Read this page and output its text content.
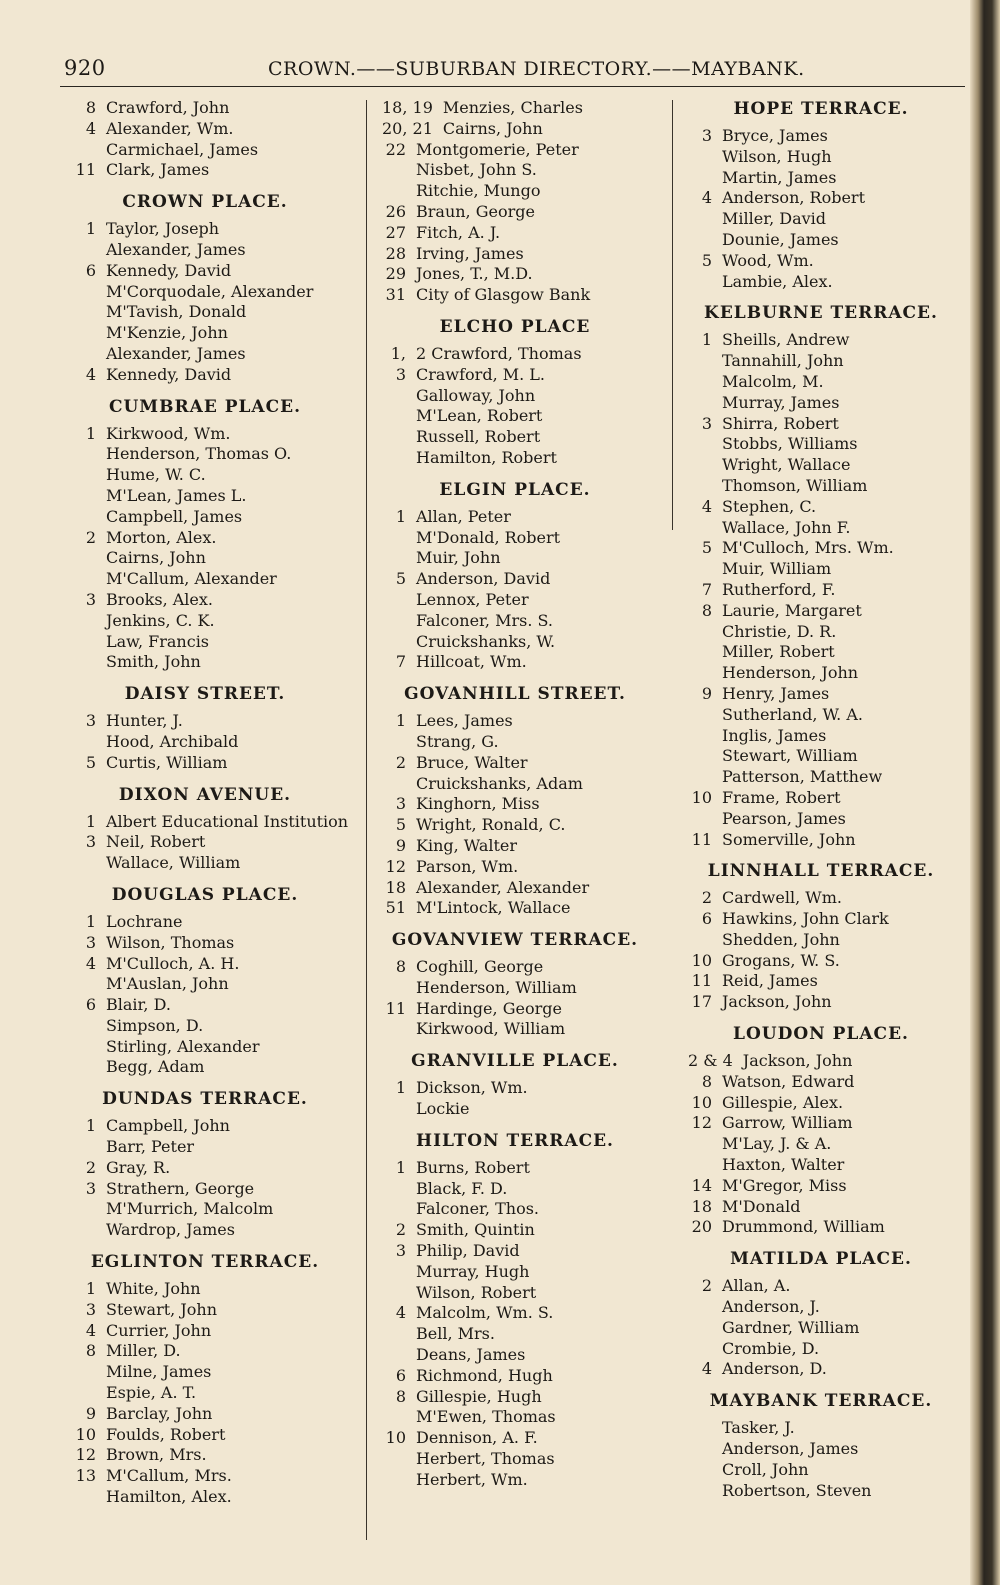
920	CROWN.——SUBURBAN DIRECTORY.——MAYBANK.
8 Crawford, John
4 Alexander, Wm.
Carmichael, James
11 Clark, James
CROWN PLACE.
1 Taylor, Joseph
Alexander, James
6 Kennedy, David
M'Corquodale, Alexander
M'Tavish, Donald
M'Kenzie, John
Alexander, James
4 Kennedy, David
CUMBRAE PLACE.
1 Kirkwood, Wm.
Henderson, Thomas O.
Hume, W. C.
M'Lean, James L.
Campbell, James
2 Morton, Alex.
Cairns, John
M'Callum, Alexander
3 Brooks, Alex.
Jenkins, C. K.
Law, Francis
Smith, John
DAISY STREET.
3 Hunter, J.
Hood, Archibald
5 Curtis, William
DIXON AVENUE.
1 Albert Educational Institution
3 Neil, Robert
Wallace, William
DOUGLAS PLACE.
1 Lochrane
3 Wilson, Thomas
4 M'Culloch, A. H.
M'Auslan, John
6 Blair, D.
Simpson, D.
Stirling, Alexander
Begg, Adam
DUNDAS TERRACE.
1 Campbell, John
Barr, Peter
2 Gray, R.
3 Strathern, George
M'Murrich, Malcolm
Wardrop, James
EGLINTON TERRACE.
1 White, John
3 Stewart, John
4 Currier, John
8 Miller, D.
Milne, James
Espie, A. T.
9 Barclay, John
10 Foulds, Robert
12 Brown, Mrs.
13 M'Callum, Mrs.
Hamilton, Alex.
18, 19 Menzies, Charles
20, 21 Cairns, John
22 Montgomerie, Peter
Nisbet, John S.
Ritchie, Mungo
26 Braun, George
27 Fitch, A. J.
28 Irving, James
29 Jones, T., M.D.
31 City of Glasgow Bank
ELCHO PLACE
1, 2 Crawford, Thomas
3 Crawford, M. L.
Galloway, John
M'Lean, Robert
Russell, Robert
Hamilton, Robert
ELGIN PLACE.
1 Allan, Peter
M'Donald, Robert
Muir, John
5 Anderson, David
Lennox, Peter
Falconer, Mrs. S.
Cruickshanks, W.
7 Hillcoat, Wm.
GOVANHILL STREET.
1 Lees, James
Strang, G.
2 Bruce, Walter
Cruickshanks, Adam
3 Kinghorn, Miss
5 Wright, Ronald, C.
9 King, Walter
12 Parson, Wm.
18 Alexander, Alexander
51 M'Lintock, Wallace
GOVANVIEW TERRACE.
8 Coghill, George
Henderson, William
11 Hardinge, George
Kirkwood, William
GRANVILLE PLACE.
1 Dickson, Wm.
Lockie
HILTON TERRACE.
1 Burns, Robert
Black, F. D.
Falconer, Thos.
2 Smith, Quintin
3 Philip, David
Murray, Hugh
Wilson, Robert
4 Malcolm, Wm. S.
Bell, Mrs.
Deans, James
6 Richmond, Hugh
8 Gillespie, Hugh
M'Ewen, Thomas
10 Dennison, A. F.
Herbert, Thomas
Herbert, Wm.
HOPE TERRACE.
3 Bryce, James
Wilson, Hugh
Martin, James
4 Anderson, Robert
Miller, David
Dounie, James
5 Wood, Wm.
Lambie, Alex.
KELBURNE TERRACE.
1 Sheills, Andrew
Tannahill, John
Malcolm, M.
Murray, James
3 Shirra, Robert
Stobbs, Williams
Wright, Wallace
Thomson, William
4 Stephen, C.
Wallace, John F.
5 M'Culloch, Mrs. Wm.
Muir, William
7 Rutherford, F.
8 Laurie, Margaret
Christie, D. R.
Miller, Robert
Henderson, John
9 Henry, James
Sutherland, W. A.
Inglis, James
Stewart, William
Patterson, Matthew
10 Frame, Robert
Pearson, James
11 Somerville, John
LINNHALL TERRACE.
2 Cardwell, Wm.
6 Hawkins, John Clark
Shedden, John
10 Grogans, W. S.
11 Reid, James
17 Jackson, John
LOUDON PLACE.
2 & 4 Jackson, John
8 Watson, Edward
10 Gillespie, Alex.
12 Garrow, William
M'Lay, J. & A.
Haxton, Walter
14 M'Gregor, Miss
18 M'Donald
20 Drummond, William
MATILDA PLACE.
2 Allan, A.
Anderson, J.
Gardner, William
Crombie, D.
4 Anderson, D.
MAYBANK TERRACE.
Tasker, J.
Anderson, James
Croll, John
Robertson, Steven
